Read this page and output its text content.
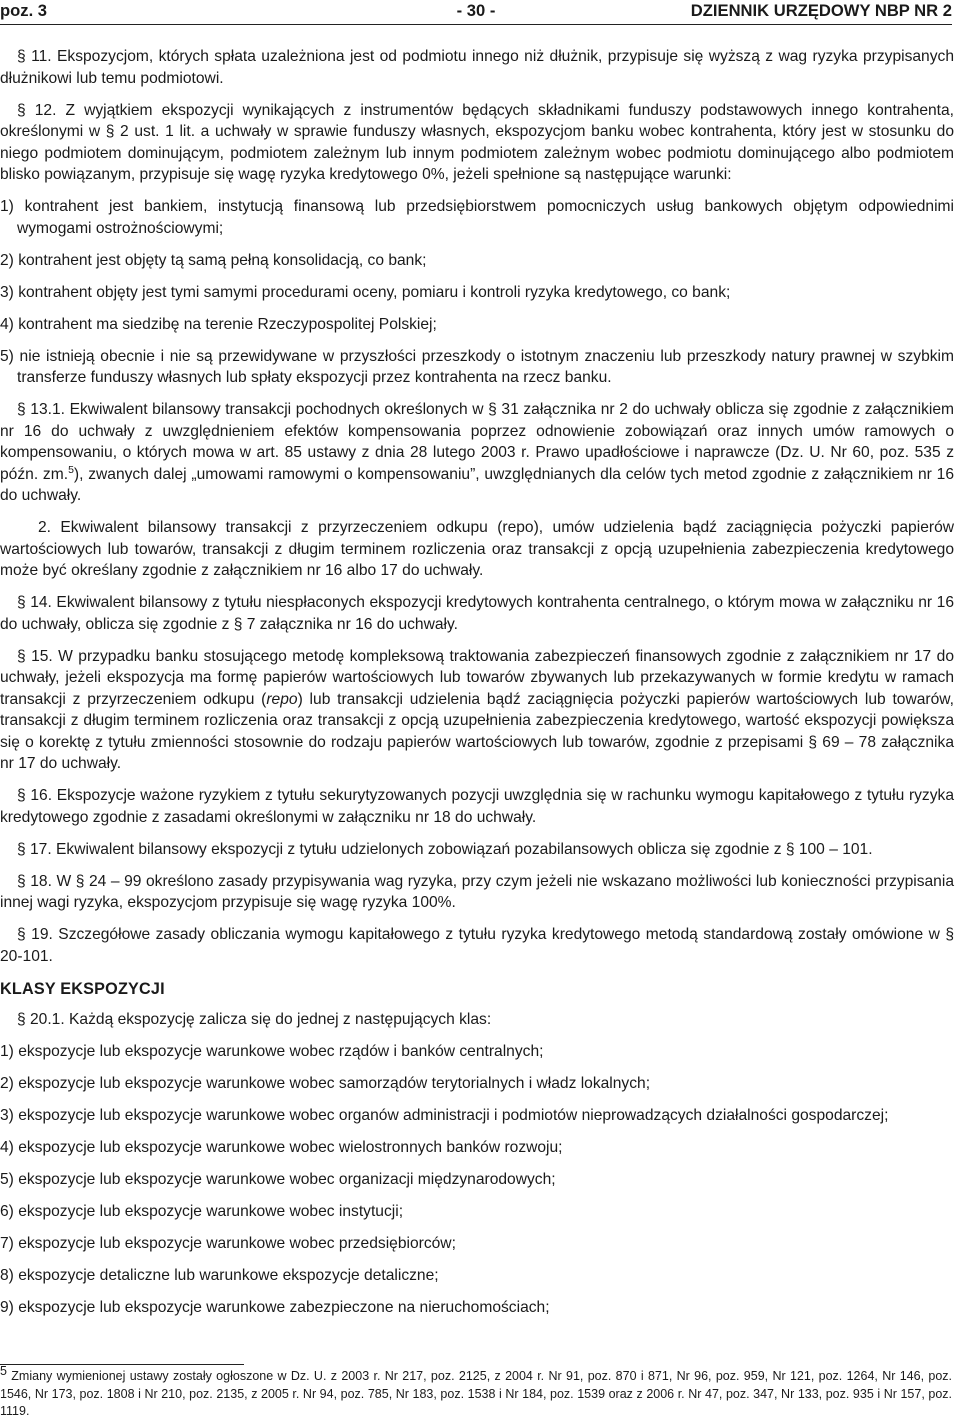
poz. 3	- 30 -	DZIENNIK URZĘDOWY NBP NR 2

§ 11. Ekspozycjom, których spłata uzależniona jest od podmiotu innego niż dłużnik, przypisuje się wyższą z wag ryzyka przypisanych dłużnikowi lub temu podmiotowi.

§ 12. Z wyjątkiem ekspozycji wynikających z instrumentów będących składnikami funduszy podstawowych innego kontrahenta, określonymi w § 2 ust. 1 lit. a uchwały w sprawie funduszy własnych, ekspozycjom banku wobec kontrahenta, który jest w stosunku do niego podmiotem dominującym, podmiotem zależnym lub innym podmiotem zależnym wobec podmiotu dominującego albo podmiotem blisko powiązanym, przypisuje się wagę ryzyka kredytowego 0%, jeżeli spełnione są następujące warunki:

1) kontrahent jest bankiem, instytucją finansową lub przedsiębiorstwem pomocniczych usług bankowych objętym odpowiednimi wymogami ostrożnościowymi;

2) kontrahent jest objęty tą samą pełną konsolidacją, co bank;

3) kontrahent objęty jest tymi samymi procedurami oceny, pomiaru i kontroli ryzyka kredytowego, co bank;

4) kontrahent ma siedzibę na terenie Rzeczypospolitej Polskiej;

5) nie istnieją obecnie i nie są przewidywane w przyszłości przeszkody o istotnym znaczeniu lub przeszkody natury prawnej w szybkim transferze funduszy własnych lub spłaty ekspozycji przez kontrahenta na rzecz banku.

§ 13.1. Ekwiwalent bilansowy transakcji pochodnych określonych w § 31 załącznika nr 2 do uchwały oblicza się zgodnie z załącznikiem nr 16 do uchwały z uwzględnieniem efektów kompensowania poprzez odnowienie zobowiązań oraz innych umów ramowych o kompensowaniu, o których mowa w art. 85 ustawy z dnia 28 lutego 2003 r. Prawo upadłościowe i naprawcze (Dz. U. Nr 60, poz. 535 z późn. zm.$^5$), zwanych dalej „umowami ramowymi o kompensowaniu”, uwzględnianych dla celów tych metod zgodnie z załącznikiem nr 16 do uchwały.

2. Ekwiwalent bilansowy transakcji z przyrzeczeniem odkupu (repo), umów udzielenia bądź zaciągnięcia pożyczki papierów wartościowych lub towarów, transakcji z długim terminem rozliczenia oraz transakcji z opcją uzupełnienia zabezpieczenia kredytowego może być określany zgodnie z załącznikiem nr 16 albo 17 do uchwały.

§ 14. Ekwiwalent bilansowy z tytułu niespłaconych ekspozycji kredytowych kontrahenta centralnego, o którym mowa w załączniku nr 16 do uchwały, oblicza się zgodnie z § 7 załącznika nr 16 do uchwały.

§ 15. W przypadku banku stosującego metodę kompleksową traktowania zabezpieczeń finansowych zgodnie z załącznikiem nr 17 do uchwały, jeżeli ekspozycja ma formę papierów wartościowych lub towarów zbywanych lub przekazywanych w formie kredytu w ramach transakcji z przyrzeczeniem odkupu (repo) lub transakcji udzielenia bądź zaciągnięcia pożyczki papierów wartościowych lub towarów, transakcji z długim terminem rozliczenia oraz transakcji z opcją uzupełnienia zabezpieczenia kredytowego, wartość ekspozycji powiększa się o korektę z tytułu zmienności stosownie do rodzaju papierów wartościowych lub towarów, zgodnie z przepisami § 69 – 78 załącznika nr 17 do uchwały.

§ 16. Ekspozycje ważone ryzykiem z tytułu sekurytyzowanych pozycji uwzględnia się w rachunku wymogu kapitałowego z tytułu ryzyka kredytowego zgodnie z zasadami określonymi w załączniku nr 18 do uchwały.

§ 17. Ekwiwalent bilansowy ekspozycji z tytułu udzielonych zobowiązań pozabilansowych oblicza się zgodnie z § 100 – 101.

§ 18. W § 24 – 99 określono zasady przypisywania wag ryzyka, przy czym jeżeli nie wskazano możliwości lub konieczności przypisania innej wagi ryzyka, ekspozycjom przypisuje się wagę ryzyka 100%.

§ 19. Szczegółowe zasady obliczania wymogu kapitałowego z tytułu ryzyka kredytowego metodą standardową zostały omówione w § 20-101.

KLASY EKSPOZYCJI

§ 20.1. Każdą ekspozycję zalicza się do jednej z następujących klas:

1) ekspozycje lub ekspozycje warunkowe wobec rządów i banków centralnych;

2) ekspozycje lub ekspozycje warunkowe wobec samorządów terytorialnych i władz lokalnych;

3) ekspozycje lub ekspozycje warunkowe wobec organów administracji i podmiotów nieprowadzących działalności gospodarczej;

4) ekspozycje lub ekspozycje warunkowe wobec wielostronnych banków rozwoju;

5) ekspozycje lub ekspozycje warunkowe wobec organizacji międzynarodowych;

6) ekspozycje lub ekspozycje warunkowe wobec instytucji;

7) ekspozycje lub ekspozycje warunkowe wobec przedsiębiorców;

8) ekspozycje detaliczne lub warunkowe ekspozycje detaliczne;

9) ekspozycje lub ekspozycje warunkowe zabezpieczone na nieruchomościach;

$^5$ Zmiany wymienionej ustawy zostały ogłoszone w Dz. U. z 2003 r. Nr 217, poz. 2125, z 2004 r. Nr 91, poz. 870 i 871, Nr 96, poz. 959, Nr 121, poz. 1264, Nr 146, poz. 1546, Nr 173, poz. 1808 i Nr 210, poz. 2135, z 2005 r. Nr 94, poz. 785, Nr 183, poz. 1538 i Nr 184, poz. 1539 oraz z 2006 r. Nr 47, poz. 347, Nr 133, poz. 935 i Nr 157, poz. 1119.
